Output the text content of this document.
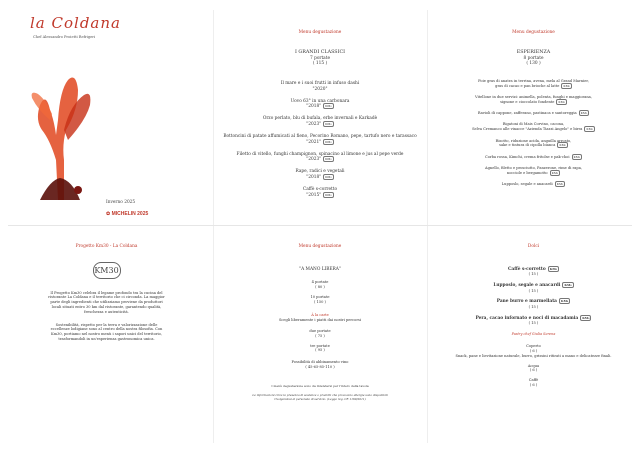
la Coldana
Chef Alessandro Proietti Refrigeri
Inverno 2025
✿ MICHELIN 2025
Menu degustazione
I GRANDI CLASSICI
7 portate
( 115 )
Il mare e i suoi frutti in infuso dashi
"2020"
Uovo 63° in una carbonara
"2018" KM₀
Orzo perlato, blu di bufala, erbe invernali e Karkadè
"2023" KM₀
Bottoncini di patate affumicati al fieno, Pecorino Romano, pepe, tartufo nero e tarassaco
"2021" KM₀
Filetto di vitello, funghi champignon, spinacino al limone e jus al pepe verde
"2023" KM₀
Rape, radici e vegetali
"2018" KM₀
Caffè s-corretto
"2015" KM₀
Menu degustazione
ESPERIENZA
8 portate
( 130 )
Foie gras di anatra in terrina, avena, mela al Grand Marnier,
gras di cacao e pan brioche al latte KM₀
Vitellone in due servizi: animella, polenta, funghi e maggiorana,
signone e cioccolato fondente KM₀
Ravioli di cappone, zafferano, pastinaca e santoreggia KM₀
Rigatoni di Mais Corvino, cacona,
Selva Cremanco alle vinacce "Azienda Tiazzi Angelo" e birra KM₀
Risotto, riduzione acida, anguilla arrosto,
sake e tintura di cipolla bianca KM₀
Corba rossa, Kimchi, crema fritolse e pak-choi KM₀
Agnello, filetto e prosciutto, Panzerone, rime di rapa,
nocciole e bergamotto KM₀
Lupposlo, segale e anacardi KM₀
Progetto Km30 - La Coldana
KM30
Il Progetto Km30 celebra il legame profondo tra la cucina del ristorante La Coldana e il territorio che ci circonda. La maggior parte degli ingredienti che utilizziamo proviene da produttori locali situati entro 30 km dal ristorante, garantendo qualità, freschezza e autenticità.
Sostenibilità, rispetto per la terra e valorizzazione delle eccellenze lodigiane sono al centro della nostra filosofia. Con Km30, portiamo nel nostro menù i sapori unici del territorio, trasformandoli in un'esperienza gastronomica unica.
Menu degustazione
"A MANO LIBERA"
4 portate
( 80 )
10 portate
( 150 )
À la carte
Scegli liberamente i piatti dai nostri percorsi
due portate
( 75 )
tre portate
( 95 )
Possibilità di abbinamento vino
( 45-65-85-110 )
I menù degustazione sono da intendersi per l'intero della tavola
Le informazioni circa la presenza di sostanze o prodotti che provocano allergie sono disponibili rivolgendosi al personale di servizio. (Legge reg. CE 1169/2011)
Dolci
Caffè s-corretto KM₀
( 15 )
Lupposlo, segale e anacardi KM₀
( 15 )
Pane burro e marmellata KM₀
( 15 )
Pera, cacao infornato e noci di macadamia KM₀
( 15 )
Pastry chef Giulia Serena
Coperto
( 6 )
Snack, pane e lievitazione naturale, burro, grissini ritirati a mano e delicatezze finali.
Acqua
( 6 )
Caffè
( 6 )
